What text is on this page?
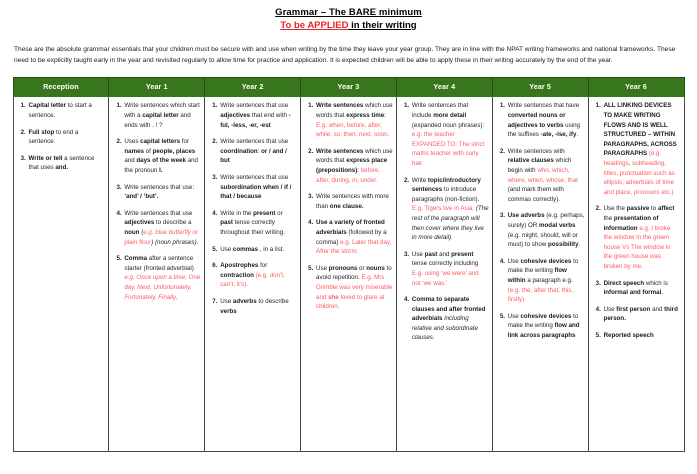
Grammar – The BARE minimum
To be APPLIED in their writing
These are the absolute grammar essentials that your children must be secure with and use when writing by the time they leave your year group. They are in line with the NPAT writing frameworks and national frameworks. These need to be explicitly taught early in the year and revisited regularly to allow time for practice and application. It is expected children will be able to apply these in their writing accurately by the end of the year.
Reception	Year 1	Year 2	Year 3	Year 4	Year 5	Year 6

1. Capital letter to start a sentence.
2. Full stop to end a sentence.
3. Write or tell a sentence that uses and.

1. Write sentences which start with a capital letter and ends with . ! ?
2. Uses capital letters for names of people, places and days of the week and the pronoun I.
3. Write sentences that use: ‘and’ / ‘but’.
4. Write sentences that use adjectives to describe a noun (e.g. blue butterfly or plain flour) (noun phrases).
5. Comma after a sentence starter (fronted adverbial) e.g. Once upon a time, One day, Next, Unfortunately, Fortunately, Finally,

1. Write sentences that use adjectives that end with -ful, -less, -er, -est
2. Write sentences that use coordination: or / and / but
3. Write sentences that use subordination when / if / that / because
4. Write in the present or past tense correctly throughout their writing.
5. Use commas , in a list.
6. Apostrophes for contraction (e.g. don’t, can’t, it’s).
7. Use adverbs to describe verbs

1. Write sentences which use words that express time: E.g. when, before, after, while, so, then, next, soon.
2. Write sentences which use words that express place (prepositions): before, after, during, in, under.
3. Write sentences with more than one clause.
4. Use a variety of fronted adverbials (followed by a comma) e.g. Later that day, After the storm.
5. Use pronouns or nouns to avoid repetition. E.g. Mrs Grimble was very miserable and she loved to glare at children.

1. Write sentences that include more detail (expanded noun phrases): e.g. the teacher EXPANDED TO: The strict maths teacher with curly hair.
2. Write topic/introductory sentences to introduce paragraphs (non-fiction). E.g. Tigers live in Asia. (The rest of the paragraph will then cover where they live in more detail).
3. Use past and present tense correctly including E.g. using ‘we were’ and not ‘we was.’
4. Comma to separate clauses and after fronted adverbials including relative and subordinate clauses.

1. Write sentences that have converted nouns or adjectives to verbs using the suffixes -ate, -ise, ify.
2. Write sentences with relative clauses which begin with who, which, where, when, whose, that (and mark them with commas correctly).
3. Use adverbs (e.g. perhaps, surely) OR modal verbs (e.g. might, should, will or must) to show possibility.
4. Use cohesive devices to make the writing flow within a paragraph e.g. (e.g. the, after that, this, firstly)
5. Use cohesive devices to make the writing flow and link across paragraphs

1. ALL LINKING DEVICES TO MAKE WRITING FLOWS AND IS WELL STRUCTURED – WITHIN PARAGRAPHS, ACROSS PARAGRAPHS (e.g. headings, subheading, titles, punctuation such as ellipsis, adverbials of time and place, pronouns etc.)
2. Use the passive to affect the presentation of information e.g. I broke the window in the green house Vs The window in the green house was broken by me.
3. Direct speech which is informal and formal.
4. Use first person and third person.
5. Reported speech
